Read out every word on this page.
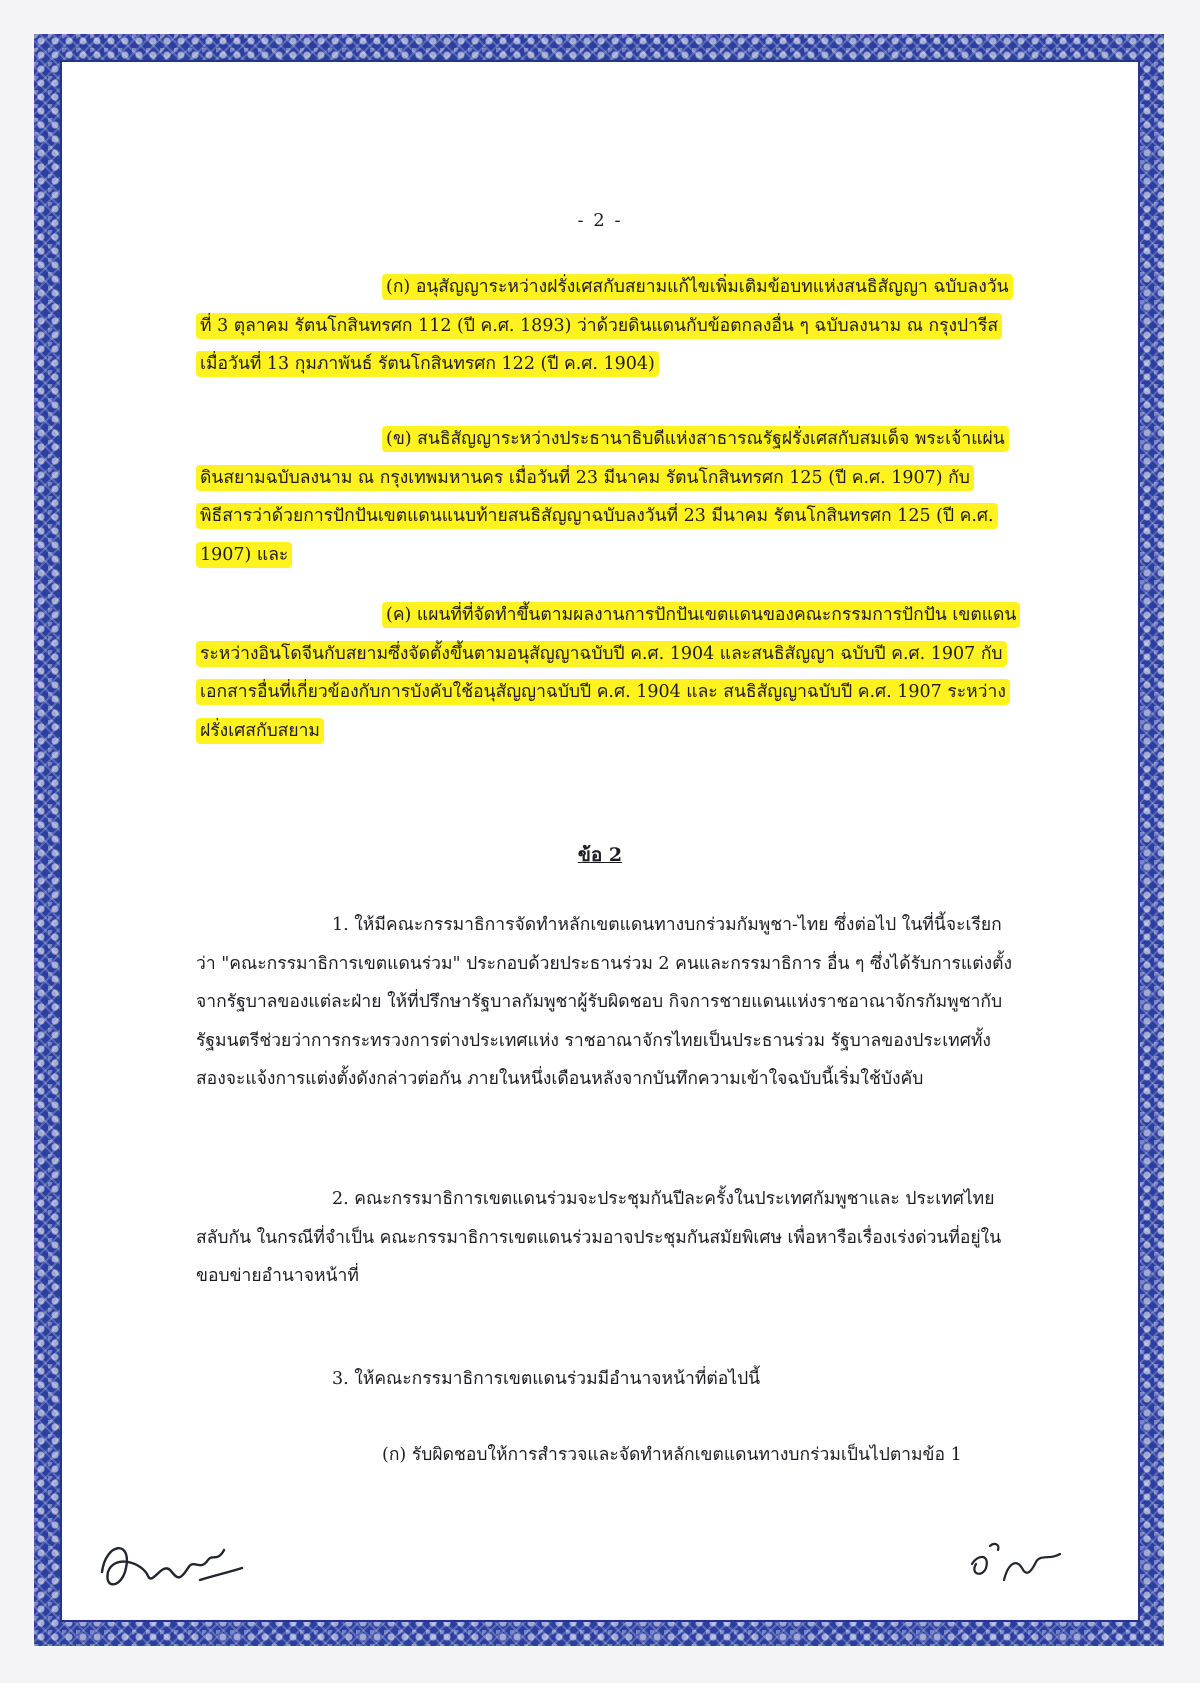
- 2 -

(ก) อนุสัญญาระหว่างฝรั่งเศสกับสยามแก้ไขเพิ่มเติมข้อบทแห่งสนธิสัญญา ฉบับลงวันที่ 3 ตุลาคม รัตนโกสินทรศก 112 (ปี ค.ศ. 1893) ว่าด้วยดินแดนกับข้อตกลงอื่น ๆ ฉบับลงนาม ณ กรุงปารีส เมื่อวันที่ 13 กุมภาพันธ์ รัตนโกสินทรศก 122 (ปี ค.ศ. 1904)

(ข) สนธิสัญญาระหว่างประธานาธิบดีแห่งสาธารณรัฐฝรั่งเศสกับสมเด็จ พระเจ้าแผ่นดินสยามฉบับลงนาม ณ กรุงเทพมหานคร เมื่อวันที่ 23 มีนาคม รัตนโกสินทรศก 125 (ปี ค.ศ. 1907) กับพิธีสารว่าด้วยการปักปันเขตแดนแนบท้ายสนธิสัญญาฉบับลงวันที่ 23 มีนาคม รัตนโกสินทรศก 125 (ปี ค.ศ. 1907) และ

(ค) แผนที่ที่จัดทำขึ้นตามผลงานการปักปันเขตแดนของคณะกรรมการปักปัน เขตแดนระหว่างอินโดจีนกับสยามซึ่งจัดตั้งขึ้นตามอนุสัญญาฉบับปี ค.ศ. 1904 และสนธิสัญญา ฉบับปี ค.ศ. 1907 กับเอกสารอื่นที่เกี่ยวข้องกับการบังคับใช้อนุสัญญาฉบับปี ค.ศ. 1904 และ สนธิสัญญาฉบับปี ค.ศ. 1907 ระหว่างฝรั่งเศสกับสยาม

ข้อ 2

1. ให้มีคณะกรรมาธิการจัดทำหลักเขตแดนทางบกร่วมกัมพูชา-ไทย ซึ่งต่อไป ในที่นี้จะเรียกว่า "คณะกรรมาธิการเขตแดนร่วม" ประกอบด้วยประธานร่วม 2 คนและกรรมาธิการ อื่น ๆ ซึ่งได้รับการแต่งตั้งจากรัฐบาลของแต่ละฝ่าย ให้ที่ปรึกษารัฐบาลกัมพูชาผู้รับผิดชอบ กิจการชายแดนแห่งราชอาณาจักรกัมพูชากับรัฐมนตรีช่วยว่าการกระทรวงการต่างประเทศแห่ง ราชอาณาจักรไทยเป็นประธานร่วม รัฐบาลของประเทศทั้งสองจะแจ้งการแต่งตั้งดังกล่าวต่อกัน ภายในหนึ่งเดือนหลังจากบันทึกความเข้าใจฉบับนี้เริ่มใช้บังคับ

2. คณะกรรมาธิการเขตแดนร่วมจะประชุมกันปีละครั้งในประเทศกัมพูชาและ ประเทศไทยสลับกัน ในกรณีที่จำเป็น คณะกรรมาธิการเขตแดนร่วมอาจประชุมกันสมัยพิเศษ เพื่อหารือเรื่องเร่งด่วนที่อยู่ในขอบข่ายอำนาจหน้าที่

3. ให้คณะกรรมาธิการเขตแดนร่วมมีอำนาจหน้าที่ต่อไปนี้

(ก) รับผิดชอบให้การสำรวจและจัดทำหลักเขตแดนทางบกร่วมเป็นไปตามข้อ 1
